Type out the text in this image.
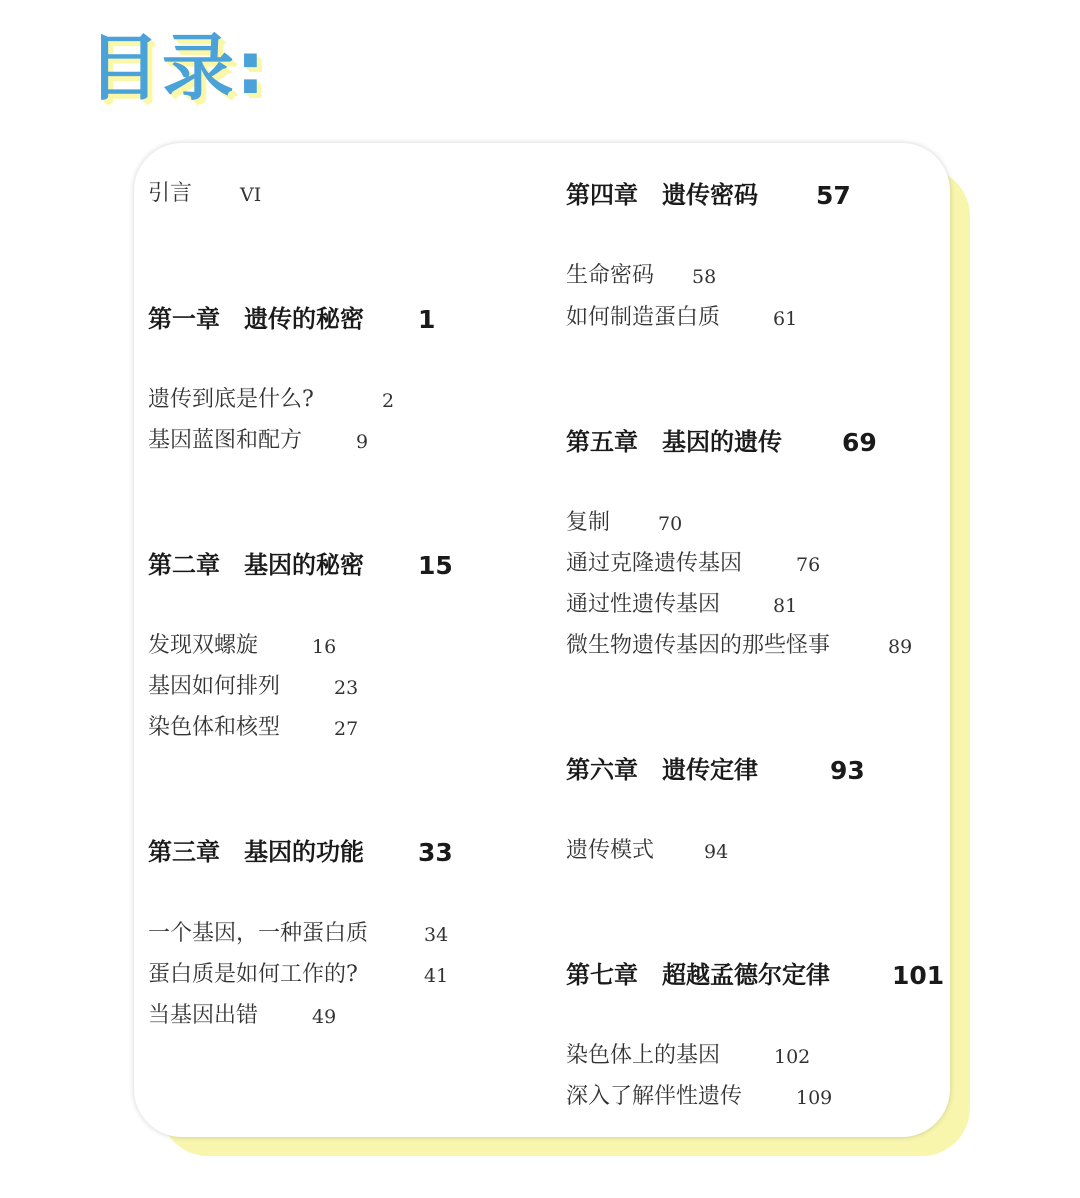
目录:
引言	VI
第一章 遗传的秘密 1
遗传到底是什么?	2
基因蓝图和配方	9
第二章 基因的秘密 15
发现双螺旋	16
基因如何排列	23
染色体和核型	27
第三章 基因的功能 33
一个基因，一种蛋白质	34
蛋白质是如何工作的?	41
当基因出错	49
第四章 遗传密码 57
生命密码 58
如何制造蛋白质	61
第五章 基因的遗传 69
复制	70
通过克隆遗传基因	76
通过性遗传基因	81
微生物遗传基因的那些怪事	89
第六章 遗传定律	93
遗传模式	94
第七章 超越孟德尔定律 101
染色体上的基因	102
深入了解伴性遗传	109
